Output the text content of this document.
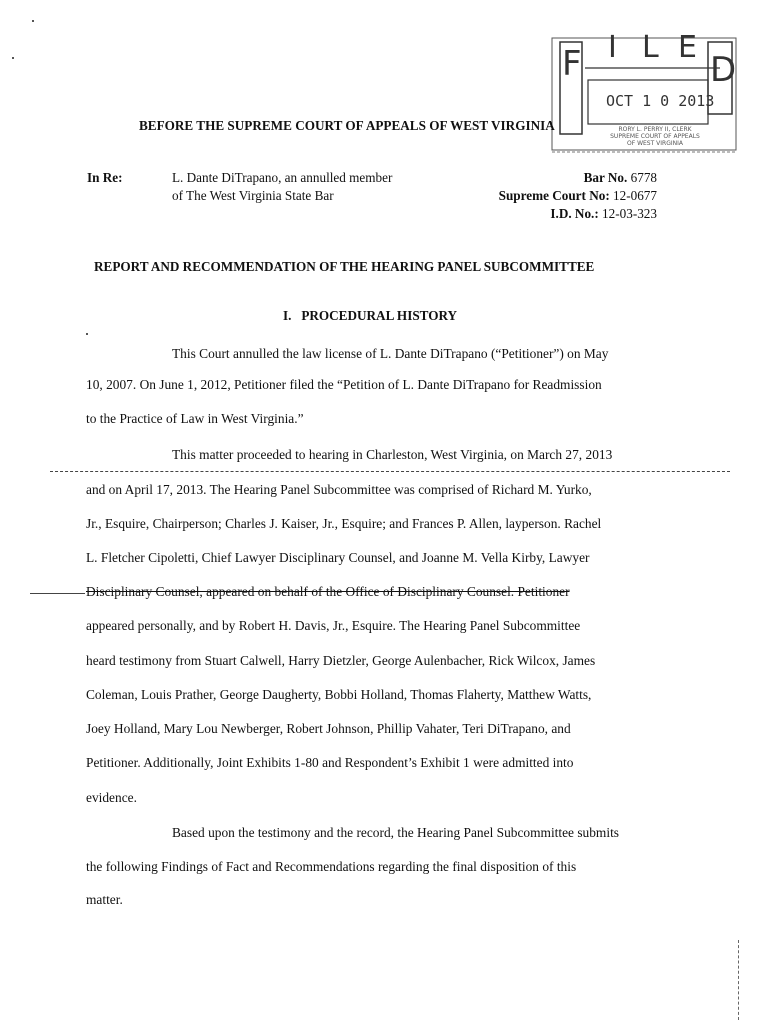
F I L E
D
OCT 1 0 2013
RORY L. PERRY II, CLERK
SUPREME COURT OF APPEALS
OF WEST VIRGINIA
BEFORE THE SUPREME COURT OF APPEALS OF WEST VIRGINIA
In Re:	L. Dante DiTrapano, an annulled member
of The West Virginia State Bar
Bar No. 6778
Supreme Court No: 12-0677
I.D. No.: 12-03-323
REPORT AND RECOMMENDATION OF THE HEARING PANEL SUBCOMMITTEE
I.   PROCEDURAL HISTORY
This Court annulled the law license of L. Dante DiTrapano (“Petitioner”) on May
10, 2007. On June 1, 2012, Petitioner filed the “Petition of L. Dante DiTrapano for Readmission
to the Practice of Law in West Virginia.”
This matter proceeded to hearing in Charleston, West Virginia, on March 27, 2013
and on April 17, 2013. The Hearing Panel Subcommittee was comprised of Richard M. Yurko,
Jr., Esquire, Chairperson; Charles J. Kaiser, Jr., Esquire; and Frances P. Allen, layperson. Rachel
L. Fletcher Cipoletti, Chief Lawyer Disciplinary Counsel, and Joanne M. Vella Kirby, Lawyer
Disciplinary Counsel, appeared on behalf of the Office of Disciplinary Counsel. Petitioner
appeared personally, and by Robert H. Davis, Jr., Esquire. The Hearing Panel Subcommittee
heard testimony from Stuart Calwell, Harry Dietzler, George Aulenbacher, Rick Wilcox, James
Coleman, Louis Prather, George Daugherty, Bobbi Holland, Thomas Flaherty, Matthew Watts,
Joey Holland, Mary Lou Newberger, Robert Johnson, Phillip Vahater, Teri DiTrapano, and
Petitioner. Additionally, Joint Exhibits 1-80 and Respondent’s Exhibit 1 were admitted into
evidence.
Based upon the testimony and the record, the Hearing Panel Subcommittee submits
the following Findings of Fact and Recommendations regarding the final disposition of this
matter.
